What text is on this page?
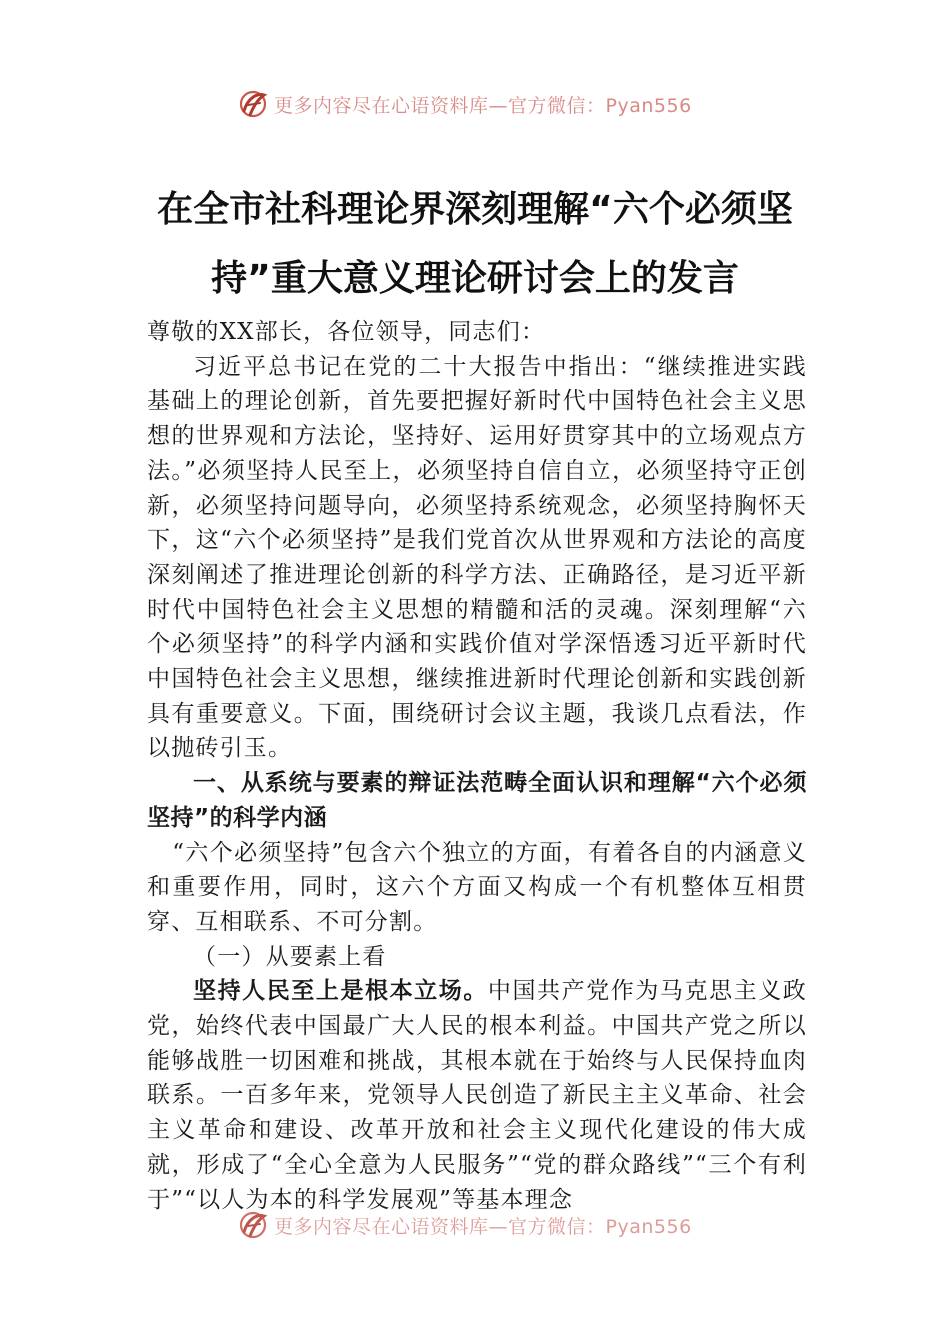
更多内容尽在心语资料库—官方微信：Pyan556
在全市社科理论界深刻理解“六个必须坚
持”重大意义理论研讨会上的发言

尊敬的XX部长，各位领导，同志们：

习近平总书记在党的二十大报告中指出：“继续推进实践基础上的理论创新，首先要把握好新时代中国特色社会主义思想的世界观和方法论，坚持好、运用好贯穿其中的立场观点方法。”必须坚持人民至上，必须坚持自信自立，必须坚持守正创新，必须坚持问题导向，必须坚持系统观念，必须坚持胸怀天下，这“六个必须坚持”是我们党首次从世界观和方法论的高度深刻阐述了推进理论创新的科学方法、正确路径，是习近平新时代中国特色社会主义思想的精髓和活的灵魂。深刻理解“六个必须坚持”的科学内涵和实践价值对学深悟透习近平新时代中国特色社会主义思想，继续推进新时代理论创新和实践创新具有重要意义。下面，围绕研讨会议主题，我谈几点看法，作以抛砖引玉。

一、从系统与要素的辩证法范畴全面认识和理解“六个必须坚持”的科学内涵

“六个必须坚持”包含六个独立的方面，有着各自的内涵意义和重要作用，同时，这六个方面又构成一个有机整体互相贯穿、互相联系、不可分割。

（一）从要素上看

坚持人民至上是根本立场。中国共产党作为马克思主义政党，始终代表中国最广大人民的根本利益。中国共产党之所以能够战胜一切困难和挑战，其根本就在于始终与人民保持血肉联系。一百多年来，党领导人民创造了新民主主义革命、社会主义革命和建设、改革开放和社会主义现代化建设的伟大成就，形成了“全心全意为人民服务”“党的群众路线”“三个有利于”“以人为本的科学发展观”等基本理念

更多内容尽在心语资料库—官方微信：Pyan556
